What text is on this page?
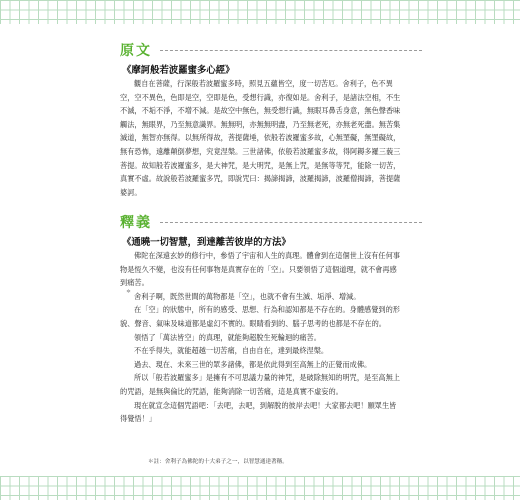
原文
《摩訶般若波羅蜜多心經》

觀自在菩薩，行深般若波羅蜜多時，照見五蘊皆空，度一切苦厄。舍利子，色不異空，空不異色，色即是空，空即是色，受想行識，亦復如是。舍利子，是諸法空相，不生不滅，不垢不淨，不增不減。是故空中無色，無受想行識，無眼耳鼻舌身意，無色聲香味觸法，無眼界，乃至無意識界。無無明，亦無無明盡，乃至無老死，亦無老死盡。無苦集滅道，無智亦無得。以無所得故，菩提薩埵，依般若波羅蜜多故，心無罣礙，無罣礙故，無有恐怖，遠離顛倒夢想，究竟涅槃。三世諸佛，依般若波羅蜜多故，得阿耨多羅三藐三菩提。故知般若波羅蜜多，是大神咒，是大明咒，是無上咒，是無等等咒，能除一切苦，真實不虛。故說般若波羅蜜多咒，即說咒曰：揭諦揭諦，波羅揭諦，波羅僧揭諦，菩提薩婆訶。

釋義
《通曉一切智慧，到達離苦彼岸的方法》

佛陀在深遠玄妙的修行中，參悟了宇宙和人生的真理。體會到在這個世上沒有任何事物是恆久不變，也沒有任何事物是真實存在的「空」。只要領悟了這個道理，就不會再感到痛苦。

舍利子啊，既然世間的萬物都是「空」，也就不會有生滅、垢淨、增減。

在「空」的狀態中，所有的感受、思想、行為和認知都是不存在的。身體感覺到的形貌、聲音、氣味及味道都是虛幻不實的。眼睛看到的、腦子思考的也都是不存在的。

領悟了「萬法皆空」的真理，就能夠超脫生死輪迴的痛苦。

不在乎得失，就能超越一切苦痛，自由自在，達到最終涅槃。

過去、現在、未來三世的眾多諸佛，都是依此得到至高無上的正覺而成佛。

所以「般若波羅蜜多」是擁有不可思議力量的神咒，是破除無知的明咒，是至高無上的咒語，是無與倫比的咒語，能夠消除一切苦痛，這是真實不虛妄的。

現在就宣念這個咒語吧：「去吧，去吧，到解脫的彼岸去吧！大家都去吧！願眾生皆得覺悟！」

＊
＊註：舍利子為佛陀的十大弟子之一，以智慧通達著稱。
